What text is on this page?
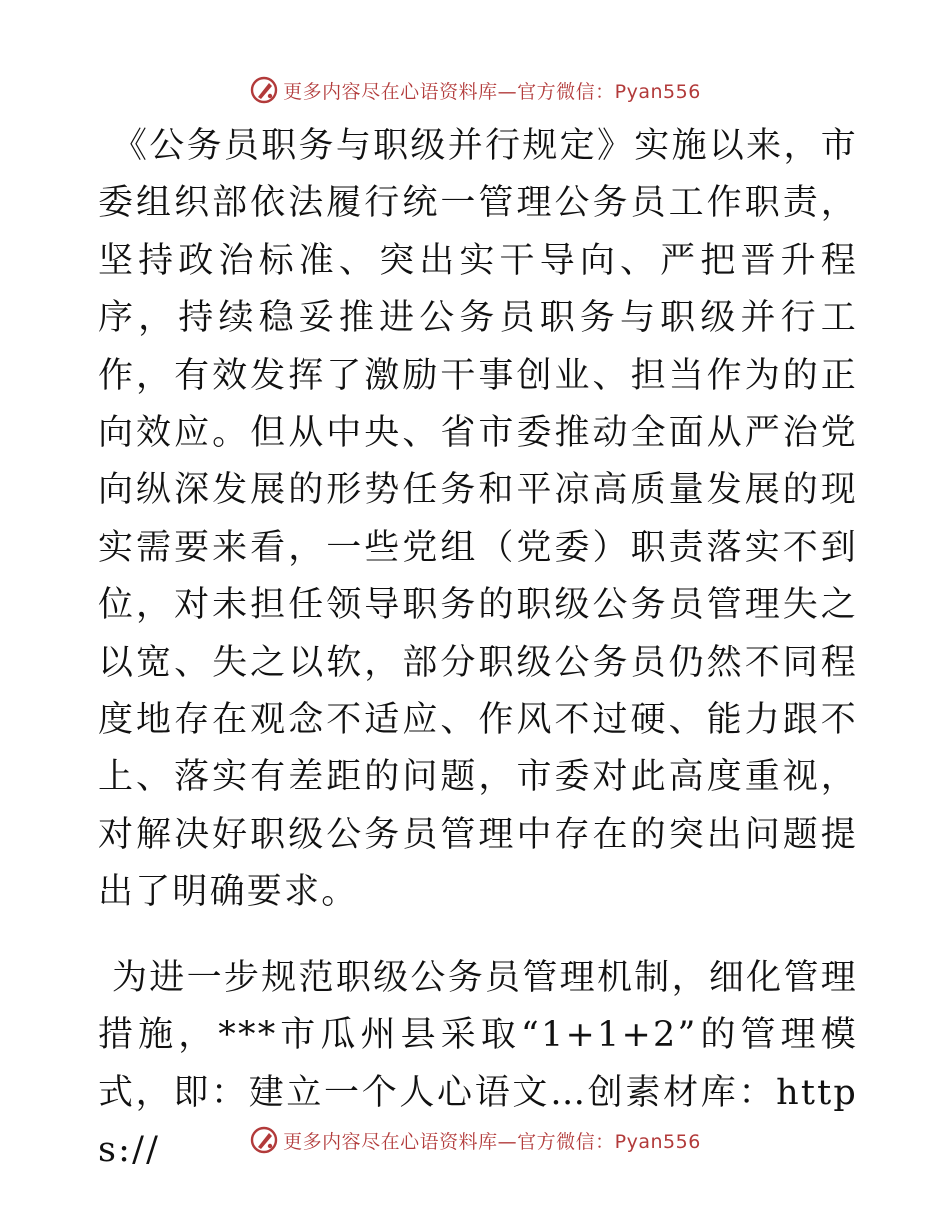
更多内容尽在心语资料库—官方微信：Pyan556

《公务员职务与职级并行规定》实施以来，市委组织部依法履行统一管理公务员工作职责，坚持政治标准、突出实干导向、严把晋升程序，持续稳妥推进公务员职务与职级并行工作，有效发挥了激励干事创业、担当作为的正向效应。但从中央、省市委推动全面从严治党向纵深发展的形势任务和平凉高质量发展的现实需要来看，一些党组（党委）职责落实不到位，对未担任领导职务的职级公务员管理失之以宽、失之以软，部分职级公务员仍然不同程度地存在观念不适应、作风不过硬、能力跟不上、落实有差距的问题，市委对此高度重视，对解决好职级公务员管理中存在的突出问题提出了明确要求。

为进一步规范职级公务员管理机制，细化管理措施，***市瓜州县采取“1+1+2”的管理模式，即：建立一个人心语文…创素材库：https://	更多内容尽在心语资料库—官方微信：Pyan556
